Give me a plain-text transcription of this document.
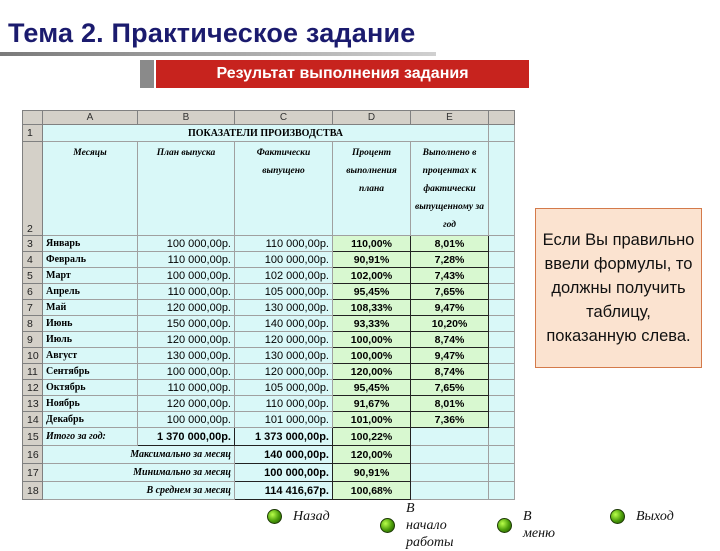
Тема 2. Практическое задание
Результат выполнения задания
	A	B	C	D	E	
1	ПОКАЗАТЕЛИ ПРОИЗВОДСТВА					
2	Месяцы	План выпуска	Фактически выпущено	Процент выполнения плана	Выполнено в процентах к фактически выпущенному за год	
3	Январь	100 000,00р.	110 000,00р.	110,00%	8,01%	
4	Февраль	110 000,00р.	100 000,00р.	90,91%	7,28%	
5	Март	100 000,00р.	102 000,00р.	102,00%	7,43%	
6	Апрель	110 000,00р.	105 000,00р.	95,45%	7,65%	
7	Май	120 000,00р.	130 000,00р.	108,33%	9,47%	
8	Июнь	150 000,00р.	140 000,00р.	93,33%	10,20%	
9	Июль	120 000,00р.	120 000,00р.	100,00%	8,74%	
10	Август	130 000,00р.	130 000,00р.	100,00%	9,47%	
11	Сентябрь	100 000,00р.	120 000,00р.	120,00%	8,74%	
12	Октябрь	110 000,00р.	105 000,00р.	95,45%	7,65%	
13	Ноябрь	120 000,00р.	110 000,00р.	91,67%	8,01%	
14	Декабрь	100 000,00р.	101 000,00р.	101,00%	7,36%	
15	Итого за год:	1 370 000,00р.	1 373 000,00р.	100,22%		
16	Максимально за месяц		140 000,00р.	120,00%		
17	Минимально за месяц		100 000,00р.	90,91%		
18	В среднем за месяц		114 416,67р.	100,68%		
Если Вы правильно ввели формулы, то должны получить таблицу, показанную слева.
Назад
В начало
работы
В меню
Выход
